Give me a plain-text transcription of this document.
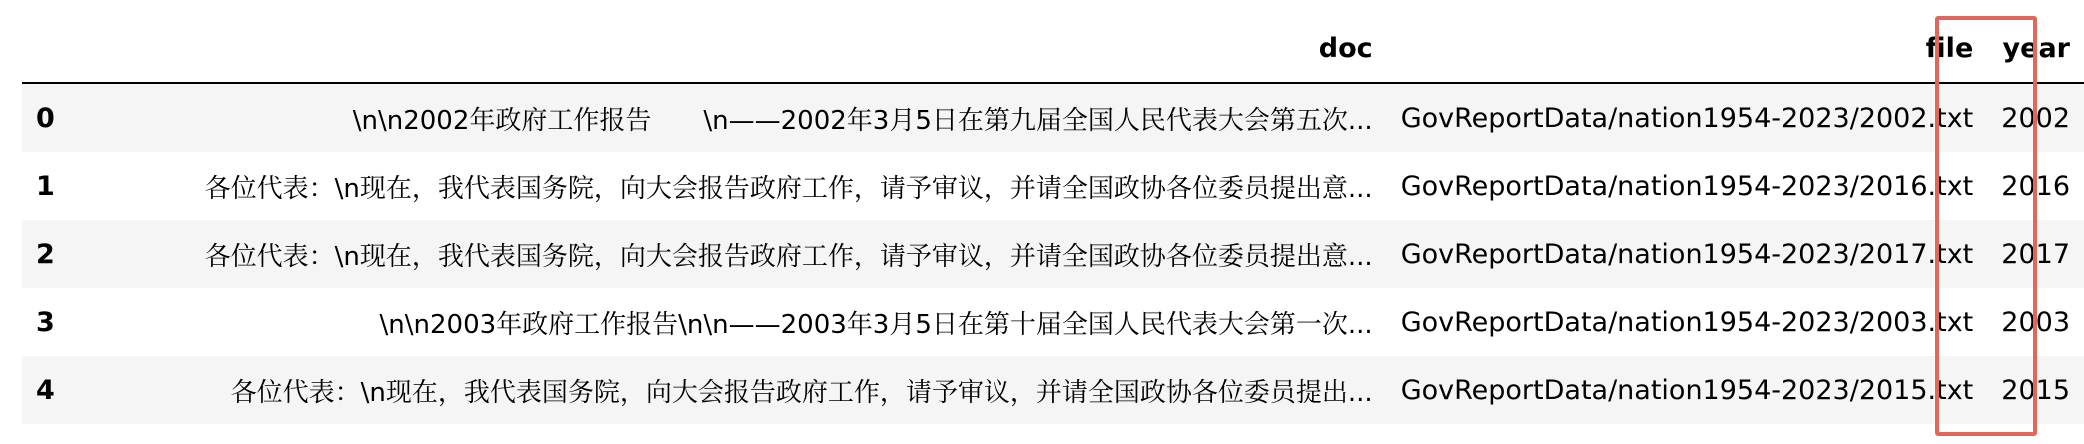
	doc	file	year
0	\n\n2002年政府工作报告　　\n——2002年3月5日在第九届全国人民代表大会第五次...	GovReportData/nation1954-2023/2002.txt	2002
1	各位代表：\n现在，我代表国务院，向大会报告政府工作，请予审议，并请全国政协各位委员提出意...	GovReportData/nation1954-2023/2016.txt	2016
2	各位代表：\n现在，我代表国务院，向大会报告政府工作，请予审议，并请全国政协各位委员提出意...	GovReportData/nation1954-2023/2017.txt	2017
3	\n\n2003年政府工作报告\n\n——2003年3月5日在第十届全国人民代表大会第一次...	GovReportData/nation1954-2023/2003.txt	2003
4	各位代表：\n现在，我代表国务院，向大会报告政府工作，请予审议，并请全国政协各位委员提出...	GovReportData/nation1954-2023/2015.txt	2015
